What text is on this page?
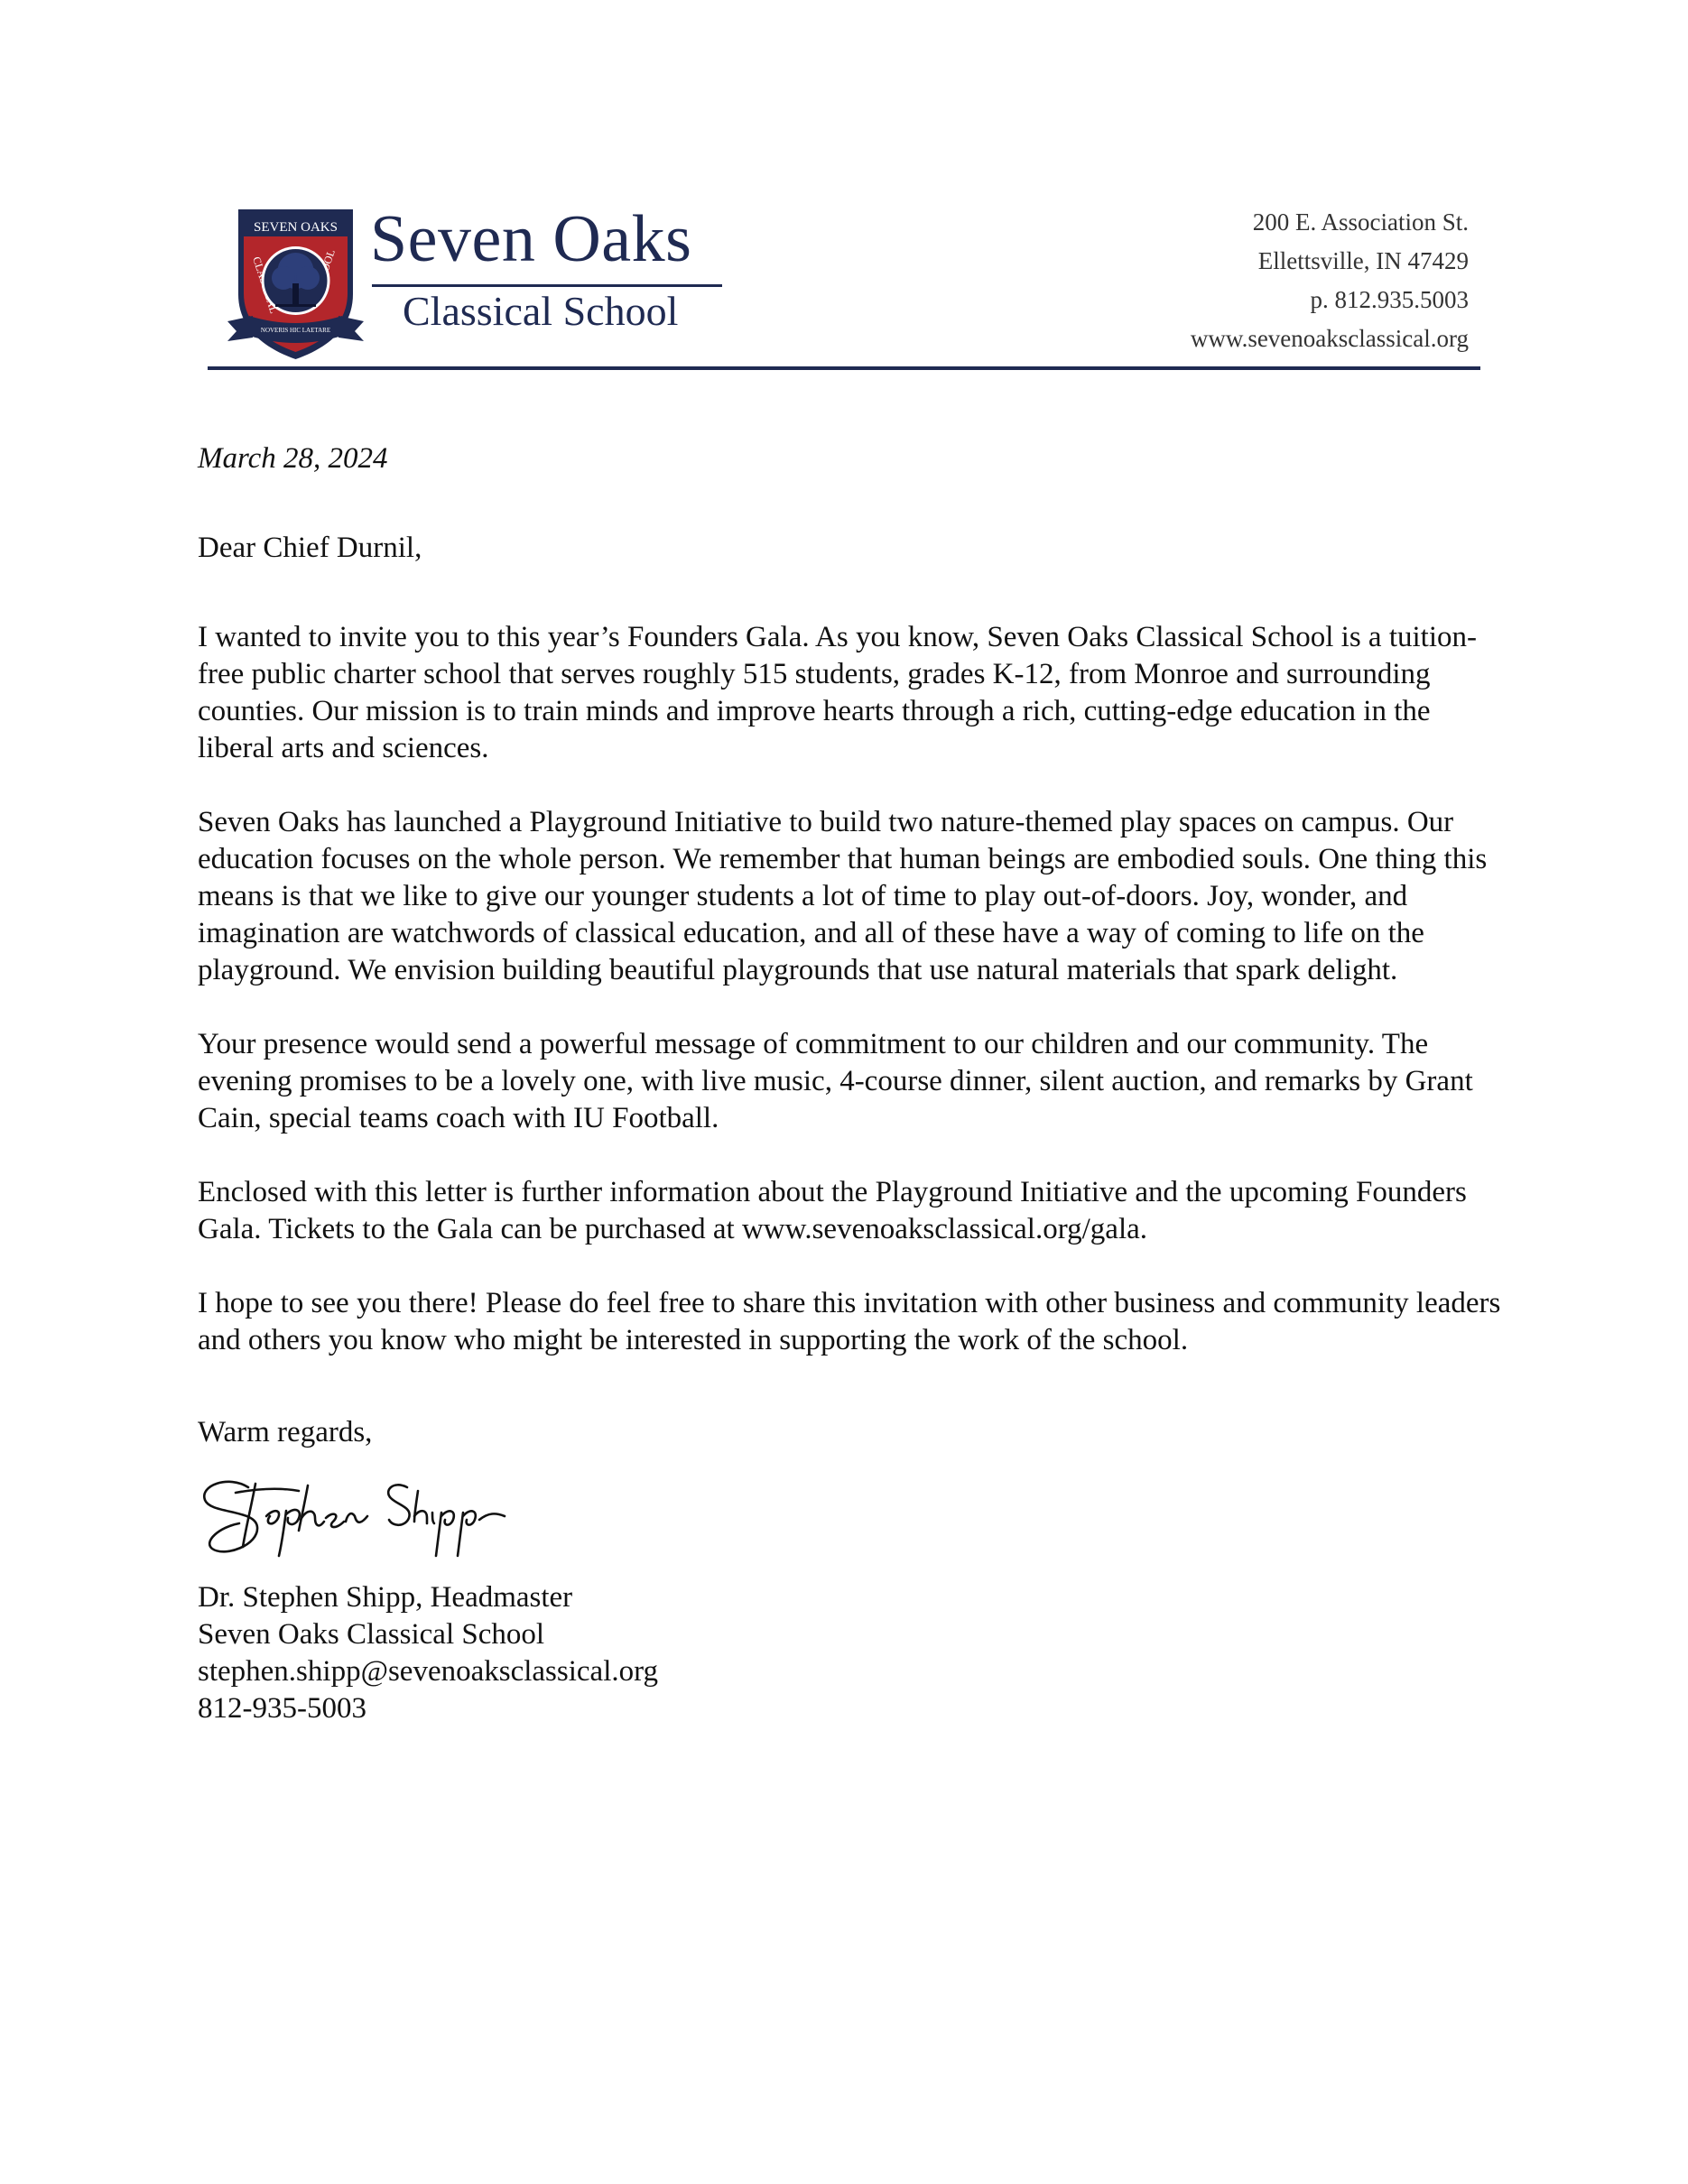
SEVEN OAKS
NOVERIS HIC LAETARE
Seven Oaks
Classical School
200 E. Association St.
Ellettsville, IN 47429
p. 812.935.5003
www.sevenoaksclassical.org

March 28, 2024

Dear Chief Durnil,

I wanted to invite you to this year’s Founders Gala. As you know, Seven Oaks Classical School is a tuition-free public charter school that serves roughly 515 students, grades K-12, from Monroe and surrounding counties. Our mission is to train minds and improve hearts through a rich, cutting-edge education in the liberal arts and sciences.

Seven Oaks has launched a Playground Initiative to build two nature-themed play spaces on campus. Our education focuses on the whole person. We remember that human beings are embodied souls. One thing this means is that we like to give our younger students a lot of time to play out-of-doors. Joy, wonder, and imagination are watchwords of classical education, and all of these have a way of coming to life on the playground. We envision building beautiful playgrounds that use natural materials that spark delight.

Your presence would send a powerful message of commitment to our children and our community. The evening promises to be a lovely one, with live music, 4-course dinner, silent auction, and remarks by Grant Cain, special teams coach with IU Football.

Enclosed with this letter is further information about the Playground Initiative and the upcoming Founders Gala. Tickets to the Gala can be purchased at www.sevenoaksclassical.org/gala.

I hope to see you there! Please do feel free to share this invitation with other business and community leaders and others you know who might be interested in supporting the work of the school.

Warm regards,

Dr. Stephen Shipp, Headmaster

Seven Oaks Classical School

stephen.shipp@sevenoaksclassical.org

812-935-5003
